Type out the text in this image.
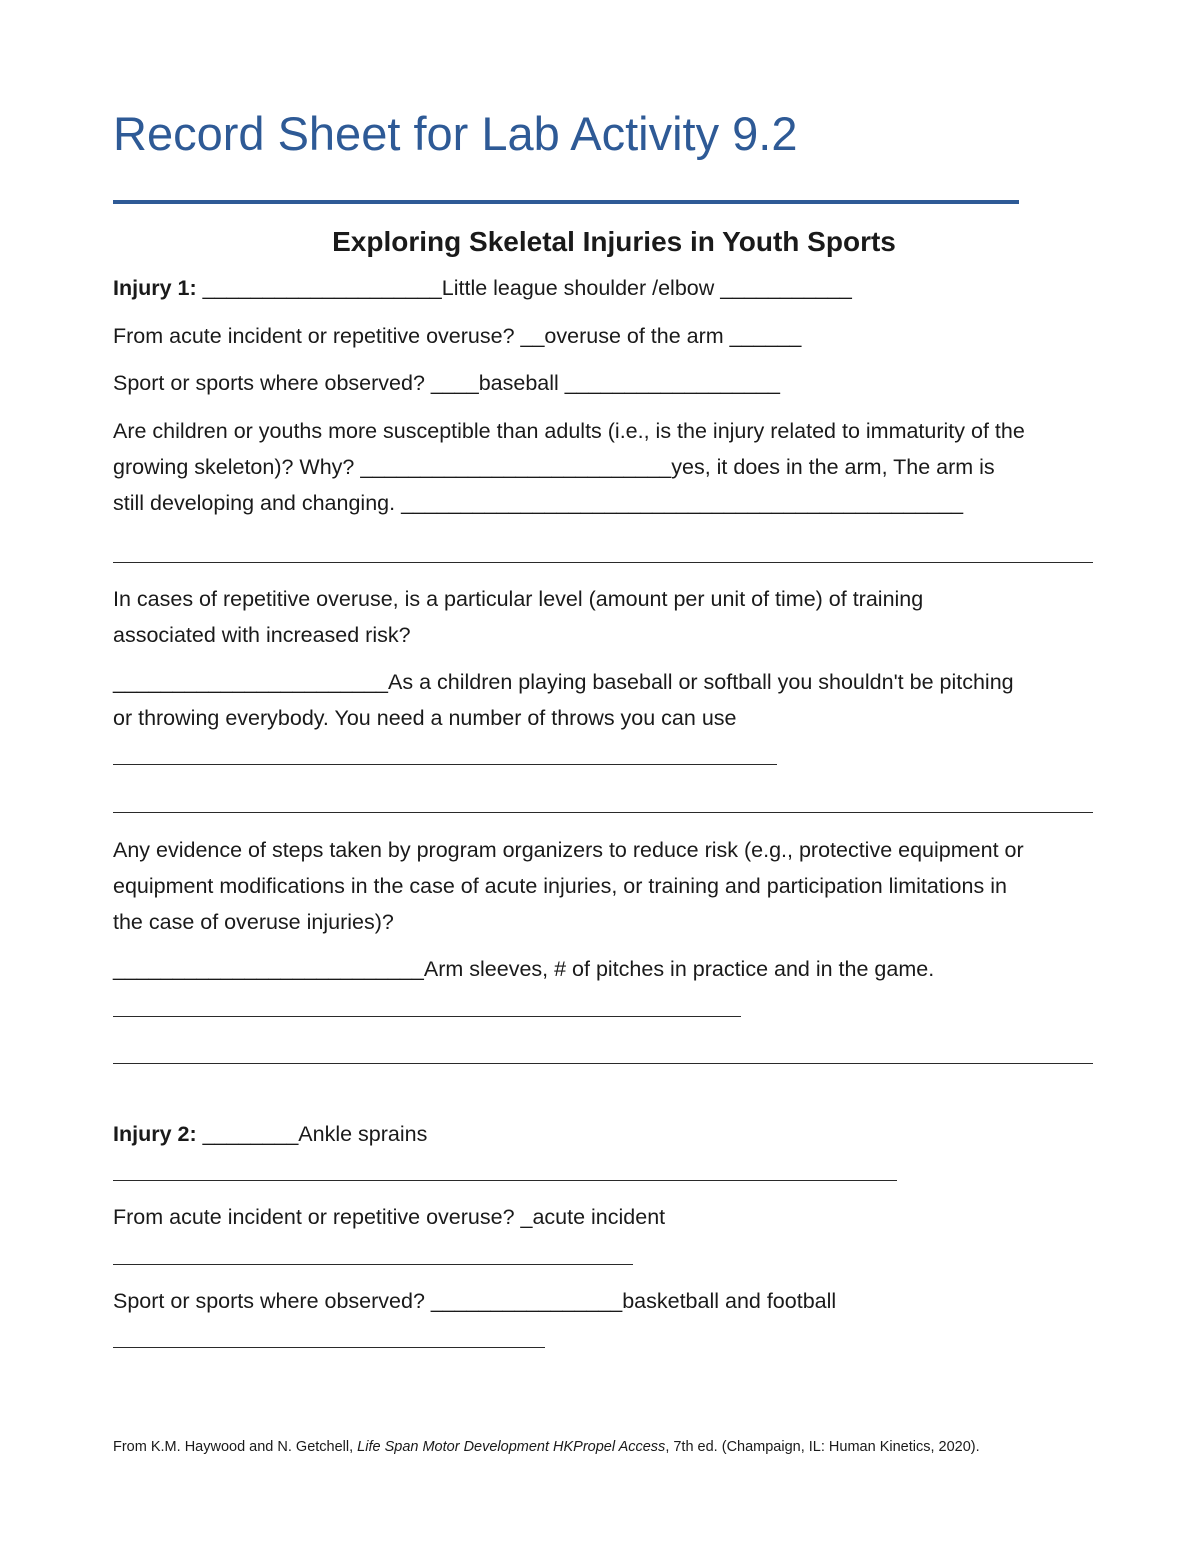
Record Sheet for Lab Activity 9.2
Exploring Skeletal Injuries in Youth Sports
Injury 1: ____________________Little league shoulder /elbow ___________
From acute incident or repetitive overuse? __overuse of the arm ______
Sport or sports where observed? ____baseball __________________
Are children or youths more susceptible than adults (i.e., is the injury related to immaturity of the
growing skeleton)? Why? __________________________yes, it does in the arm, The arm is
still developing and changing. _______________________________________________
In cases of repetitive overuse, is a particular level (amount per unit of time) of training
associated with increased risk?
_______________________As a children playing baseball or softball you shouldn't be pitching
or throwing everybody. You need a number of throws you can use
Any evidence of steps taken by program organizers to reduce risk (e.g., protective equipment or
equipment modifications in the case of acute injuries, or training and participation limitations in
the case of overuse injuries)?
__________________________Arm sleeves, # of pitches in practice and in the game.
Injury 2: ________Ankle sprains
From acute incident or repetitive overuse? _acute incident
Sport or sports where observed? ________________basketball and football
From K.M. Haywood and N. Getchell, Life Span Motor Development HKPropel Access, 7th ed. (Champaign, IL: Human Kinetics, 2020).
